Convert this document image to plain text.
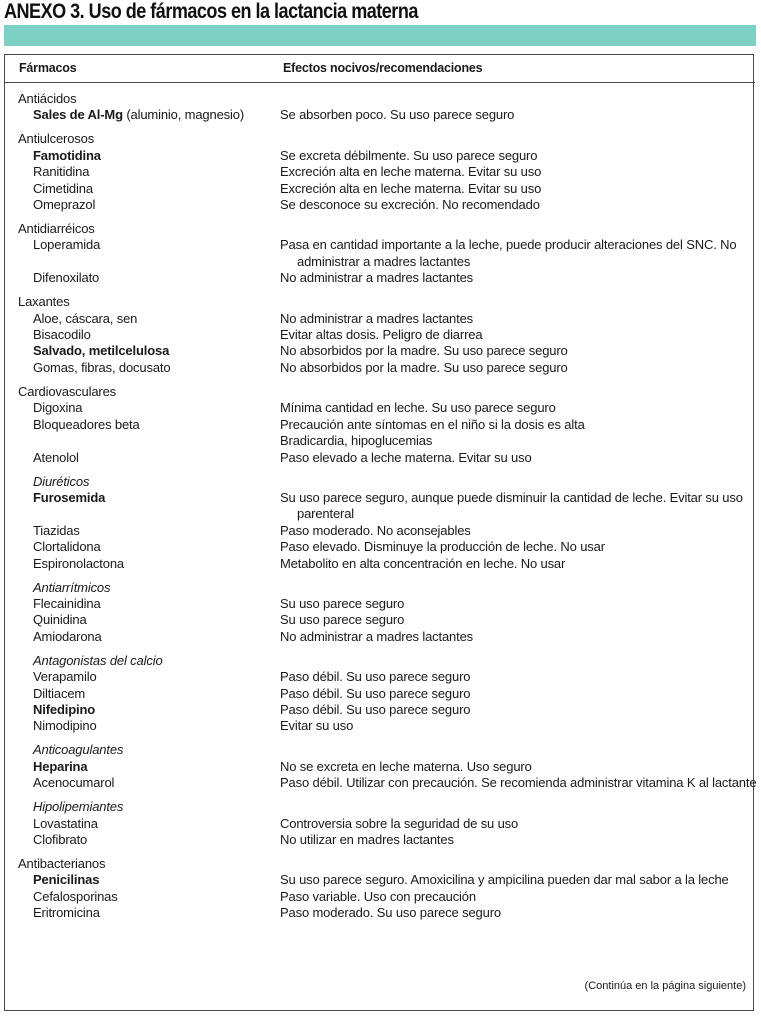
ANEXO 3. Uso de fármacos en la lactancia materna
Fármacos	Efectos nocivos/recomendaciones
Antiácidos

Sales de Al-Mg (aluminio, magnesio)	Se absorben poco. Su uso parece seguro
Antiulcerosos

Famotidina	Se excreta débilmente. Su uso parece seguro
Ranitidina	Excreción alta en leche materna. Evitar su uso
Cimetidina	Excreción alta en leche materna. Evitar su uso
Omeprazol	Se desconoce su excreción. No recomendado
Antidiarréicos

Loperamida	Pasa en cantidad importante a la leche, puede producir alteraciones del SNC. No administrar a madres lactantes
Difenoxilato	No administrar a madres lactantes
Laxantes

Aloe, cáscara, sen	No administrar a madres lactantes
Bisacodilo	Evitar altas dosis. Peligro de diarrea
Salvado, metilcelulosa	No absorbidos por la madre. Su uso parece seguro
Gomas, fibras, docusato	No absorbidos por la madre. Su uso parece seguro
Cardiovasculares

Digoxina	Mínima cantidad en leche. Su uso parece seguro
Bloqueadores beta	Precaución ante síntomas en el niño si la dosis es alta
Bradicardia, hipoglucemias
Atenolol	Paso elevado a leche materna. Evitar su uso
Diuréticos

Furosemida	Su uso parece seguro, aunque puede disminuir la cantidad de leche. Evitar su uso parenteral
Tiazidas	Paso moderado. No aconsejables
Clortalidona	Paso elevado. Disminuye la producción de leche. No usar
Espironolactona	Metabolito en alta concentración en leche. No usar
Antiarrítmicos

Flecainidina	Su uso parece seguro
Quinidina	Su uso parece seguro
Amiodarona	No administrar a madres lactantes
Antagonistas del calcio

Verapamilo	Paso débil. Su uso parece seguro
Diltiacem	Paso débil. Su uso parece seguro
Nifedipino	Paso débil. Su uso parece seguro
Nimodipino	Evitar su uso
Anticoagulantes

Heparina	No se excreta en leche materna. Uso seguro
Acenocumarol	Paso débil. Utilizar con precaución. Se recomienda administrar vitamina K al lactante
Hipolipemiantes

Lovastatina	Controversia sobre la seguridad de su uso
Clofibrato	No utilizar en madres lactantes
Antibacterianos

Penicilinas	Su uso parece seguro. Amoxicilina y ampicilina pueden dar mal sabor a la leche
Cefalosporinas	Paso variable. Uso con precaución
Eritromicina	Paso moderado. Su uso parece seguro
(Continúa en la página siguiente)
